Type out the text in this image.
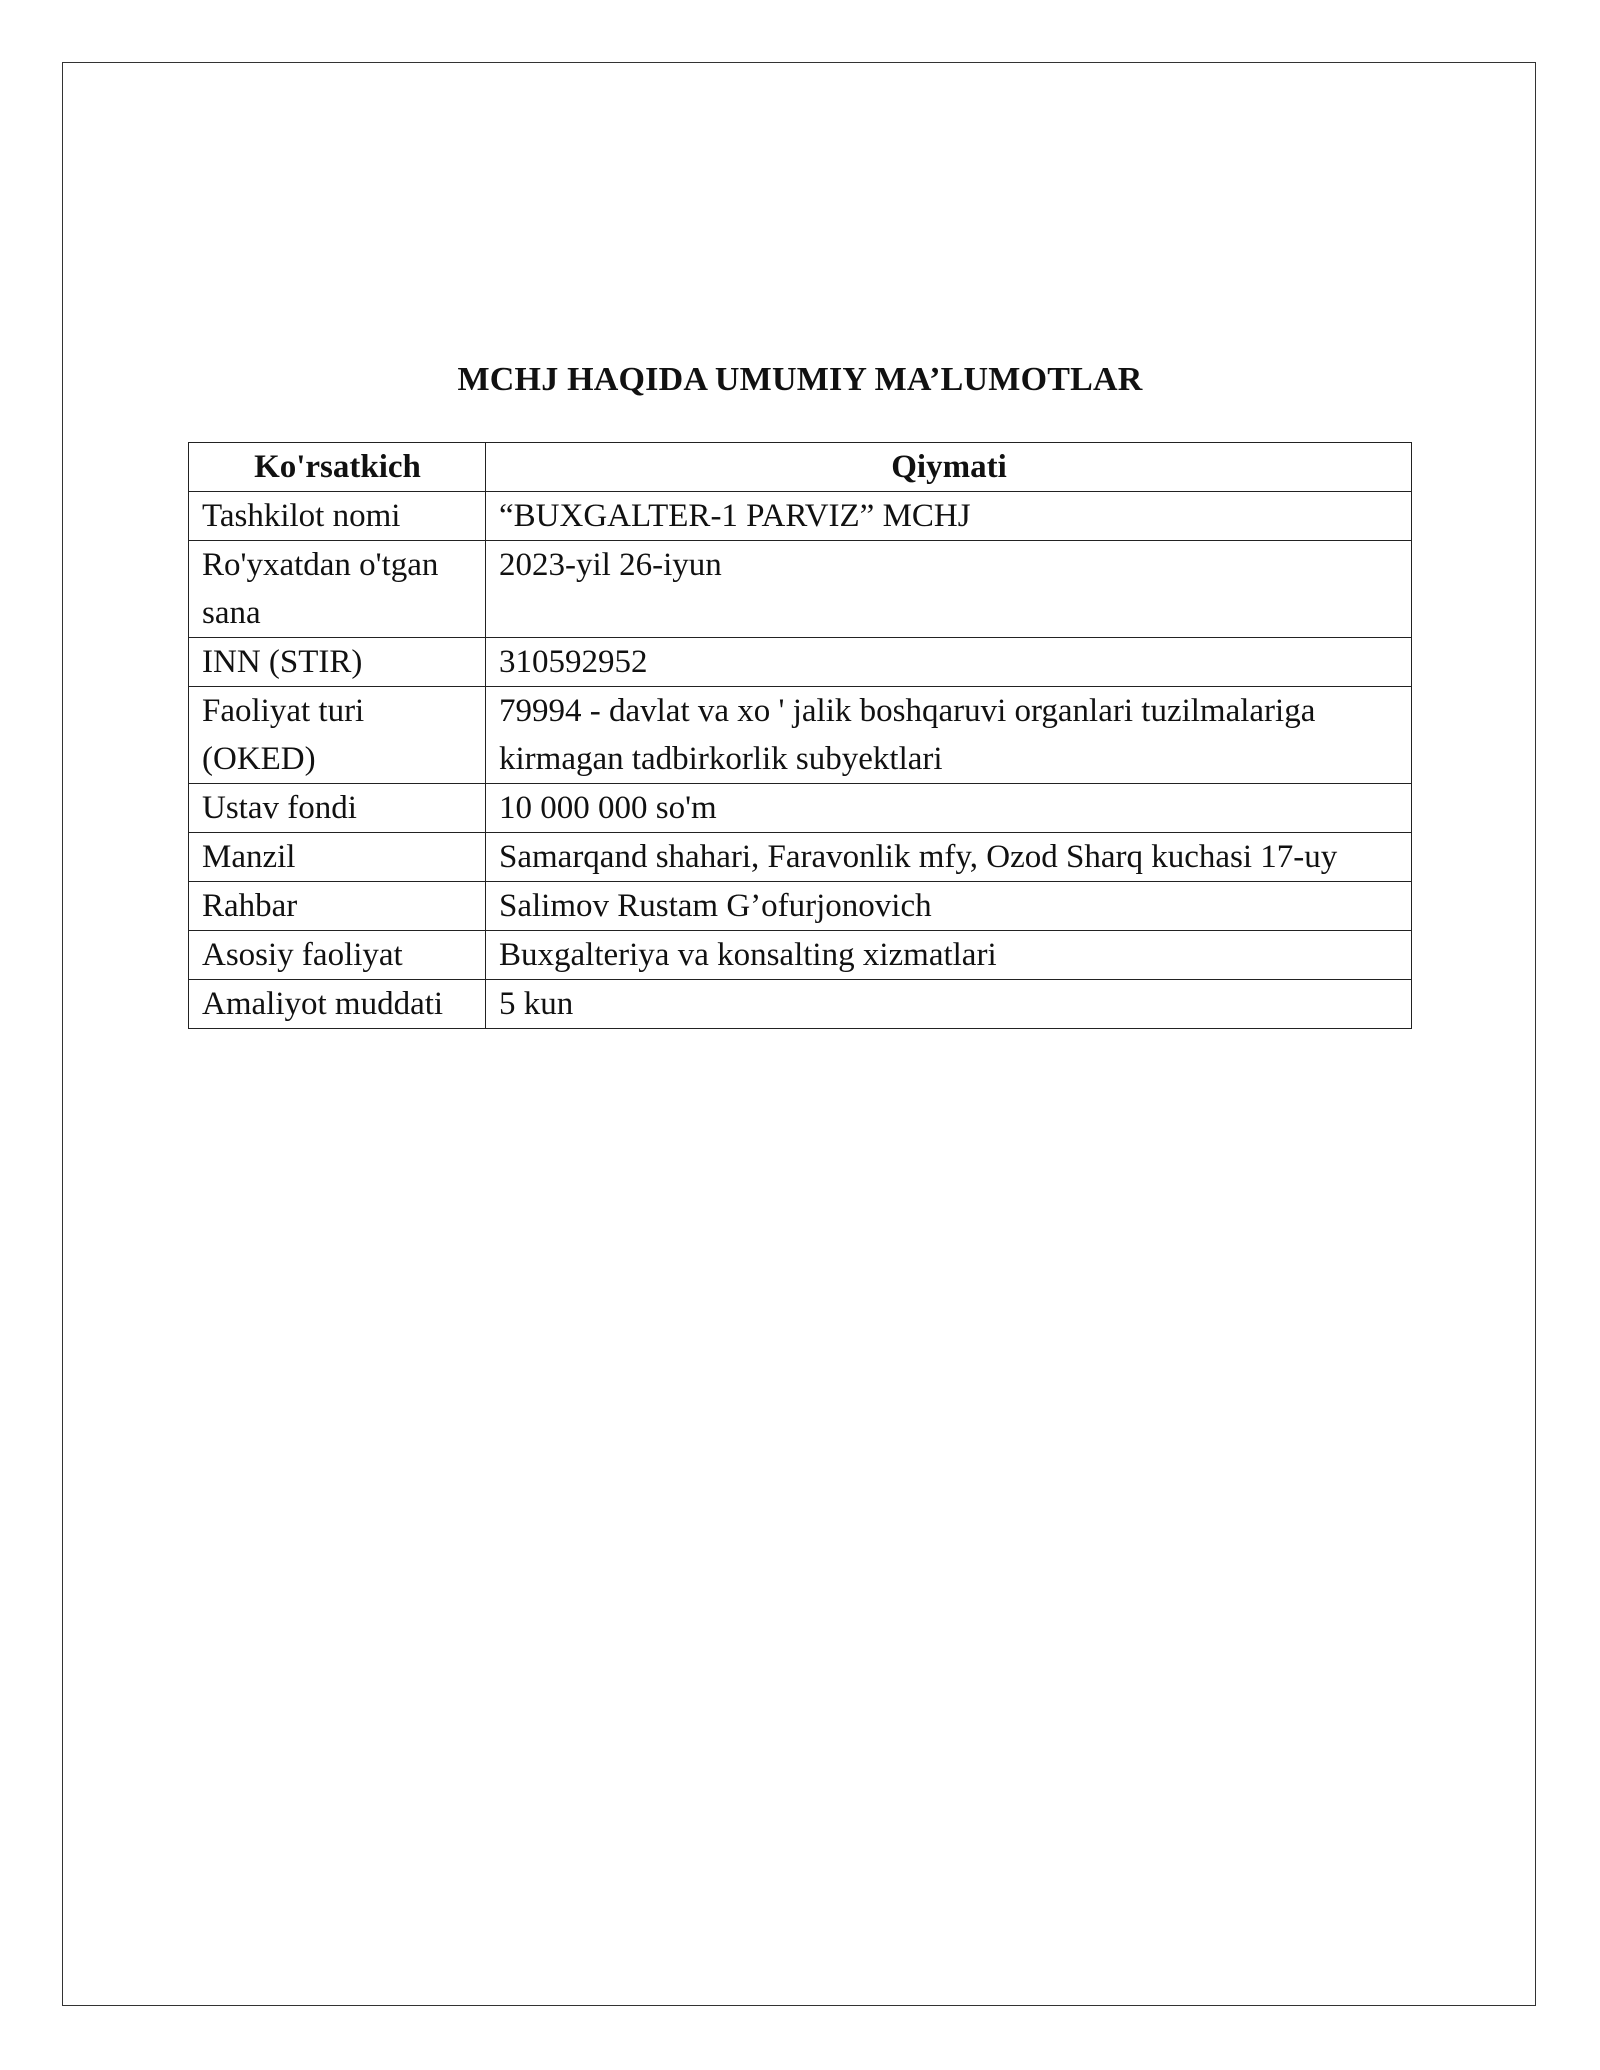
MCHJ HAQIDA UMUMIY MA’LUMOTLAR
Ko'rsatkich	Qiymati
Tashkilot nomi	“BUXGALTER-1 PARVIZ” MCHJ
Ro'yxatdan o'tgan sana	2023-yil 26-iyun
INN (STIR)	310592952
Faoliyat turi (OKED)	79994 - davlat va xo ' jalik boshqaruvi organlari tuzilmalariga kirmagan tadbirkorlik subyektlari
Ustav fondi	10 000 000 so'm
Manzil	Samarqand shahari, Faravonlik mfy, Ozod Sharq kuchasi 17-uy
Rahbar	Salimov Rustam G’ofurjonovich
Asosiy faoliyat	Buxgalteriya va konsalting xizmatlari
Amaliyot muddati	5 kun
